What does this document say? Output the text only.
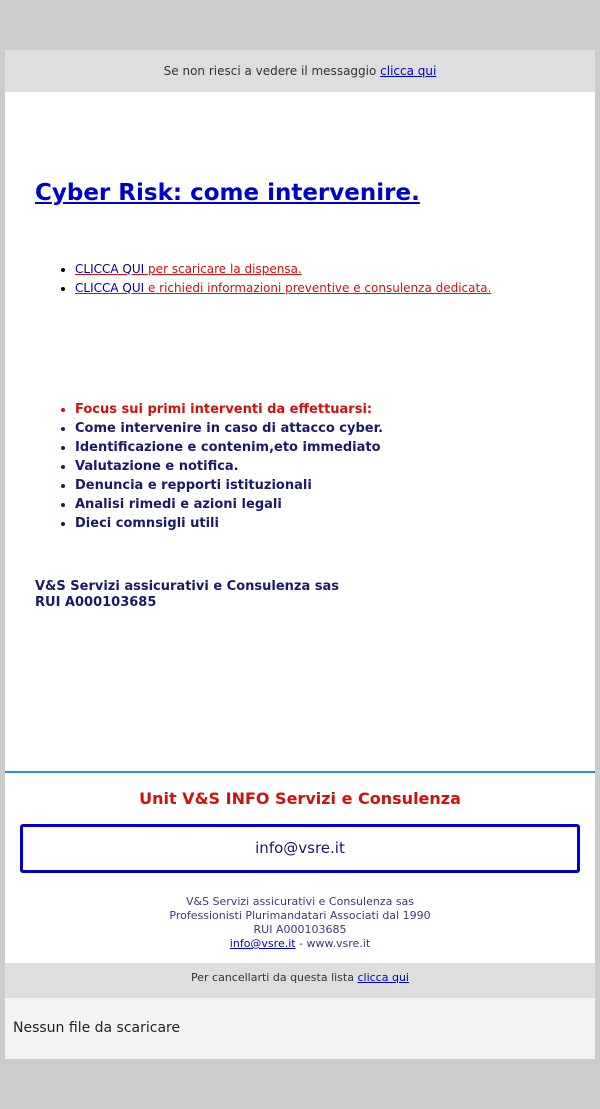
Se non riesci a vedere il messaggio clicca qui
Cyber Risk: come intervenire.
• CLICCA QUI per scaricare la dispensa.
• CLICCA QUI e richiedi informazioni preventive e consulenza dedicata.
• Focus sui primi interventi da effettuarsi:
• Come intervenire in caso di attacco cyber.
• Identificazione e contenim,eto immediato
• Valutazione e notifica.
• Denuncia e repporti istituzionali
• Analisi rimedi e azioni legali
• Dieci comnsigli utili
V&S Servizi assicurativi e Consulenza sas
RUI A000103685
Unit V&S INFO Servizi e Consulenza
info@vsre.it
V&S Servizi assicurativi e Consulenza sas
Professionisti Plurimandatari Associati dal 1990
RUI A000103685
info@vsre.it - www.vsre.it
Per cancellarti da questa lista clicca qui
Nessun file da scaricare
